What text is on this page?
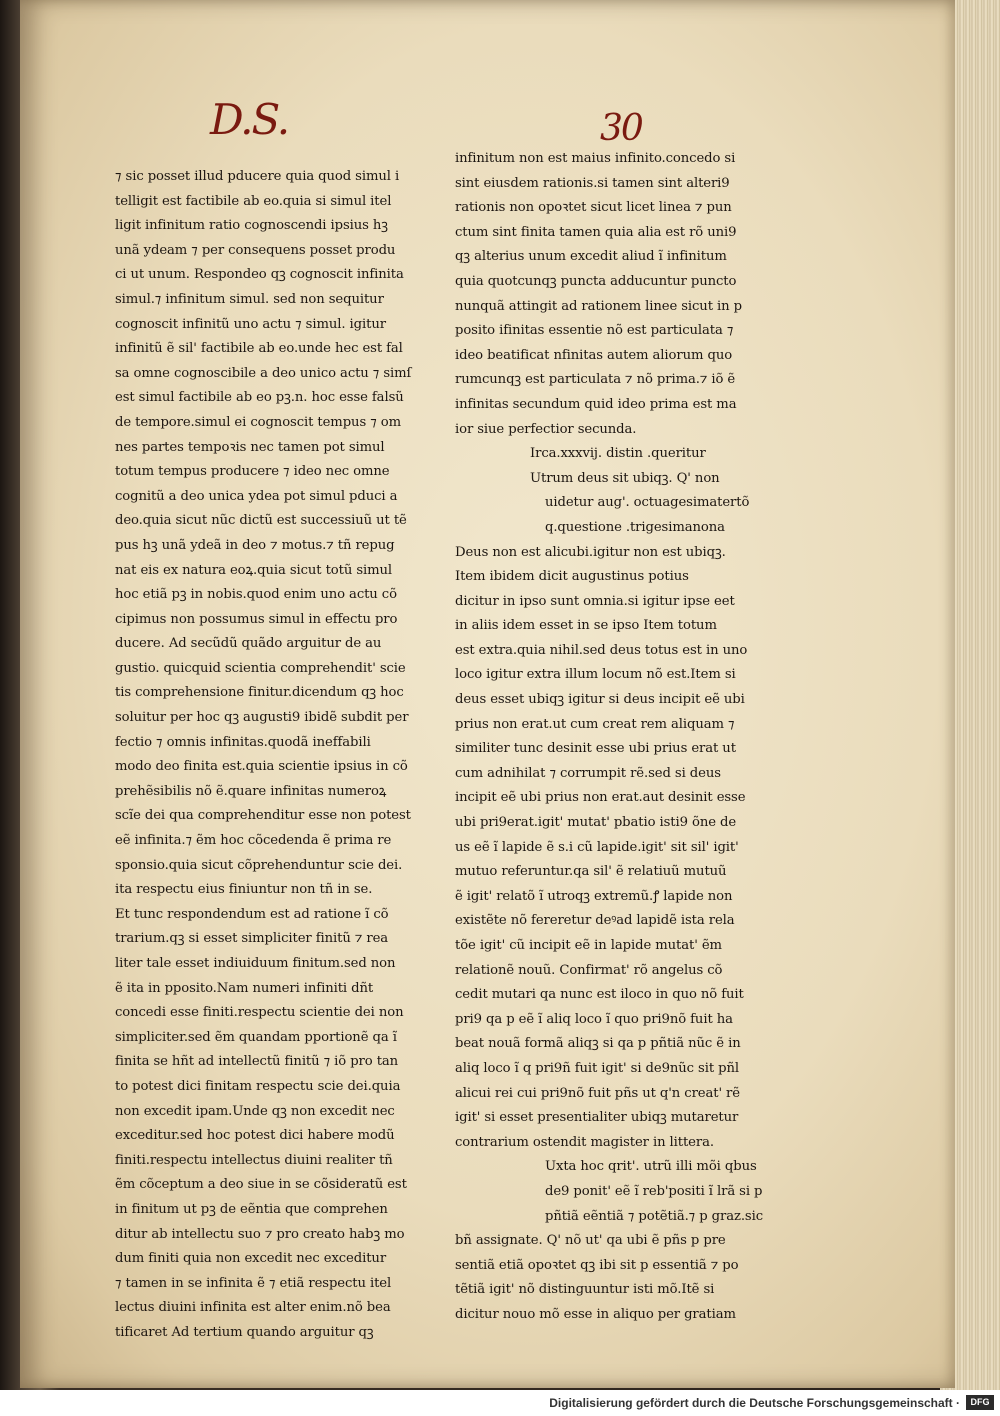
D.S.	30
⁊ sic posset illud pducere quia quod simul i
telligit est factibile ab eo.quia si simul itel
ligit infinitum ratio cognoscendi ipsius hꝫ
unã ydeam ⁊ per consequens posset produ
ci ut unum. Respondeo qꝫ cognoscit infinita
simul.⁊ infinitum simul. sed non sequitur
cognoscit infinitũ uno actu ⁊ simul. igitur
infinitũ ẽ sil' factibile ab eo.unde hec est fal
sa omne cognoscibile a deo unico actu ⁊ simſ
est simul factibile ab eo pꝫ.n. hoc esse falsũ
de tempore.simul ei cognoscit tempus ⁊ om
nes partes tempoꝛis nec tamen pot simul
totum tempus producere ⁊ ideo nec omne
cognitũ a deo unica ydea pot simul pduci a
deo.quia sicut nũc dictũ est successiuũ ut tẽ
pus hꝫ unã ydeã in deo ⁊ motus.⁊ tñ repug
nat eis ex natura eoꝝ.quia sicut totũ simul
hoc etiã pꝫ in nobis.quod enim uno actu cõ
cipimus non possumus simul in effectu pro
ducere. Ad secũdũ quãdo arguitur de au
gustio. quicquid scientia comprehendit' scie
tis comprehensione finitur.dicendum qꝫ hoc
soluitur per hoc qꝫ augusti9 ibidẽ subdit per
fectio ⁊ omnis infinitas.quodã ineffabili
modo deo finita est.quia scientie ipsius in cõ
prehẽsibilis nõ ẽ.quare infinitas numeroꝝ
scĩe dei qua comprehenditur esse non potest
eẽ infinita.⁊ ẽm hoc cõcedenda ẽ prima re
sponsio.quia sicut cõprehenduntur scie dei.
ita respectu eius finiuntur non tñ in se.
Et tunc respondendum est ad ratione ĩ cõ
trarium.qꝫ si esset simpliciter finitũ ⁊ rea
liter tale esset indiuiduum finitum.sed non
ẽ ita in pposito.Nam numeri infiniti dñt
concedi esse finiti.respectu scientie dei non
simpliciter.sed ẽm quandam pportionẽ qa ĩ
finita se hñt ad intellectũ finitũ ⁊ iõ pro tan
to potest dici finitam respectu scie dei.quia
non excedit ipam.Unde qꝫ non excedit nec
exceditur.sed hoc potest dici habere modũ
finiti.respectu intellectus diuini realiter tñ
ẽm cõceptum a deo siue in se cõsideratũ est
in finitum ut pꝫ de eẽntia que comprehen
ditur ab intellectu suo ⁊ pro creato habꝫ mo
dum finiti quia non excedit nec exceditur
⁊ tamen in se infinita ẽ ⁊ etiã respectu itel
lectus diuini infinita est alter enim.nõ bea
tificaret Ad tertium quando arguitur qꝫ
infinitum non est maius infinito.concedo si
sint eiusdem rationis.si tamen sint alteri9
rationis non opoꝛtet sicut licet linea ⁊ pun
ctum sint finita tamen quia alia est rõ uni9
qꝫ alterius unum excedit aliud ĩ infinitum
quia quotcunqꝫ puncta adducuntur puncto
nunquã attingit ad rationem linee sicut in p
posito ifinitas essentie nõ est particulata ⁊
ideo beatificat nfinitas autem aliorum quo
rumcunqꝫ est particulata ⁊ nõ prima.⁊ iõ ẽ
infinitas secundum quid ideo prima est ma
ior siue perfectior secunda.
Irca.xxxvij. distin .queritur
Utrum deus sit ubiqꝫ. Q' non
uidetur aug'. octuagesimatertõ
q.questione .trigesimanona
Deus non est alicubi.igitur non est ubiqꝫ.
Item ibidem dicit augustinus potius
dicitur in ipso sunt omnia.si igitur ipse eet
in aliis idem esset in se ipso Item totum
est extra.quia nihil.sed deus totus est in uno
loco igitur extra illum locum nõ est.Item si
deus esset ubiqꝫ igitur si deus incipit eẽ ubi
prius non erat.ut cum creat rem aliquam ⁊
similiter tunc desinit esse ubi prius erat ut
cum adnihilat ⁊ corrumpit rẽ.sed si deus
incipit eẽ ubi prius non erat.aut desinit esse
ubi pri9erat.igit' mutat' pbatio isti9 õne de
us eẽ ĩ lapide ẽ s.i cũ lapide.igit' sit sil' igit'
mutuo referuntur.qa sil' ẽ relatiuũ mutuũ
ẽ igit' relatõ ĩ utroqꝫ extremũ.ꝭ lapide non
existẽte nõ fereretur deꝰad lapidẽ ista rela
tõe igit' cũ incipit eẽ in lapide mutat' ẽm
relationẽ nouũ. Confirmat' rõ angelus cõ
cedit mutari qa nunc est iloco in quo nõ fuit
pri9 qa p eẽ ĩ aliq loco ĩ quo pri9nõ fuit ha
beat nouã formã aliqꝫ si qa p pñtiã nũc ẽ in
aliq loco ĩ q pri9ñ fuit igit' si de9nũc sit pñl
alicui rei cui pri9nõ fuit pñs ut q'n creat' rẽ
igit' si esset presentialiter ubiqꝫ mutaretur
contrarium ostendit magister in littera.
Uxta hoc qrit'. utrũ illi mõi qbus
de9 ponit' eẽ ĩ reb'positi ĩ lrã si p
pñtiã eẽntiã ⁊ potẽtiã.⁊ p graz.sic
bñ assignate. Q' nõ ut' qa ubi ẽ pñs p pre
sentiã etiã opoꝛtet qꝫ ibi sit p essentiã ⁊ po
tẽtiã igit' nõ distinguuntur isti mõ.Itẽ si
dicitur nouo mõ esse in aliquo per gratiam
Digitalisierung gefördert durch die Deutsche Forschungsgemeinschaft ·	DFG
